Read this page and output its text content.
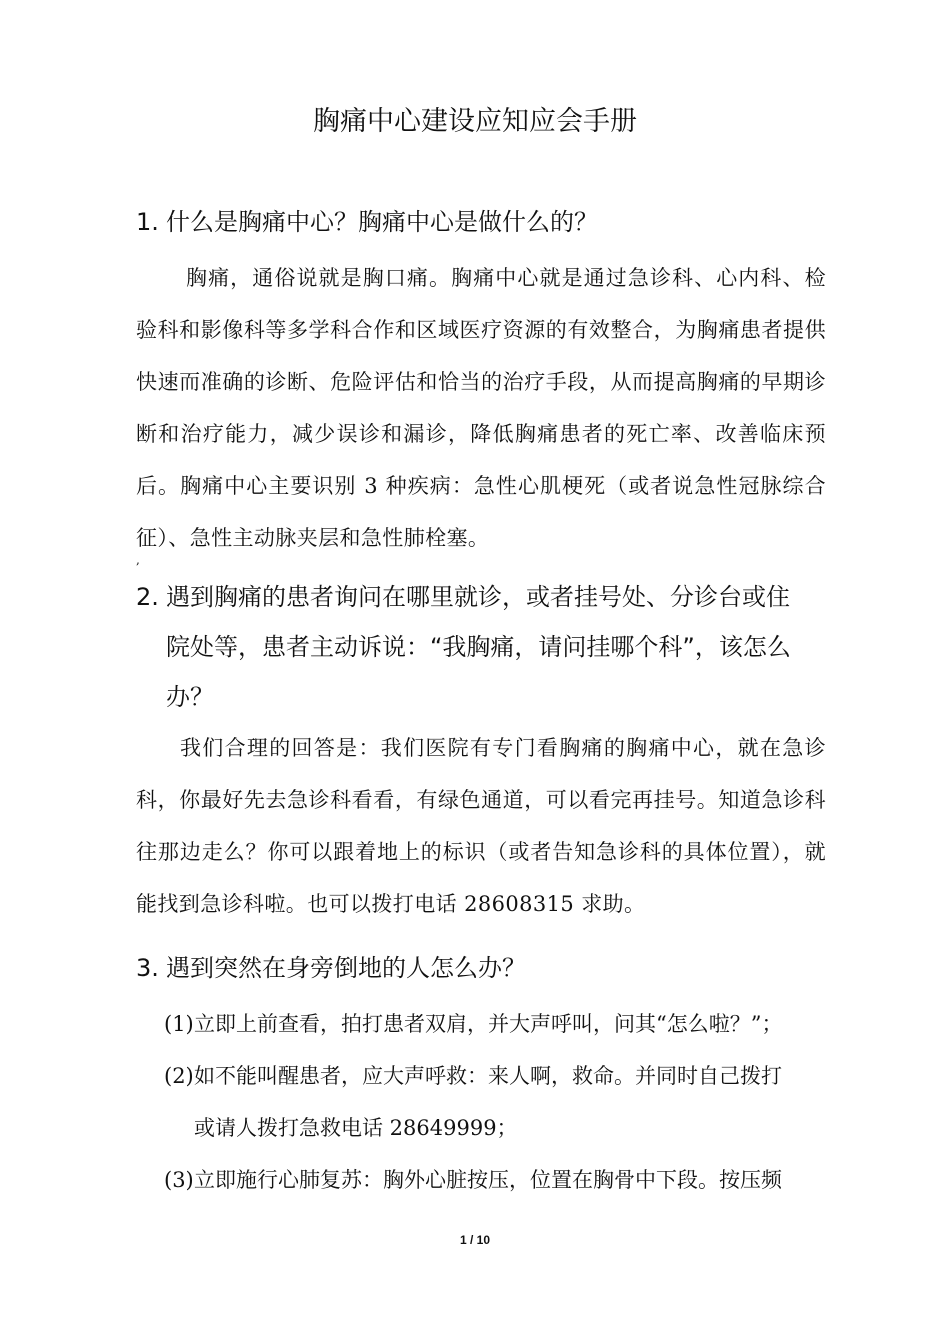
胸痛中心建设应知应会手册
1. 什么是胸痛中心？胸痛中心是做什么的？
胸痛，通俗说就是胸口痛。胸痛中心就是通过急诊科、心内科、检验科和影像科等多学科合作和区域医疗资源的有效整合，为胸痛患者提供快速而准确的诊断、危险评估和恰当的治疗手段，从而提高胸痛的早期诊断和治疗能力，减少误诊和漏诊，降低胸痛患者的死亡率、改善临床预后。胸痛中心主要识别 3 种疾病：急性心肌梗死（或者说急性冠脉综合征）、急性主动脉夹层和急性肺栓塞。
,
2. 遇到胸痛的患者询问在哪里就诊，或者挂号处、分诊台或住
院处等，患者主动诉说：“我胸痛，请问挂哪个科”，该怎么
办？
我们合理的回答是：我们医院有专门看胸痛的胸痛中心，就在急诊科，你最好先去急诊科看看，有绿色通道，可以看完再挂号。知道急诊科往那边走么？你可以跟着地上的标识（或者告知急诊科的具体位置），就能找到急诊科啦。也可以拨打电话 28608315 求助。
3. 遇到突然在身旁倒地的人怎么办？
(1)立即上前查看，拍打患者双肩，并大声呼叫，问其“怎么啦？”；
(2)如不能叫醒患者，应大声呼救：来人啊，救命。并同时自己拨打
或请人拨打急救电话 28649999；
(3)立即施行心肺复苏：胸外心脏按压，位置在胸骨中下段。按压频
1 / 10
